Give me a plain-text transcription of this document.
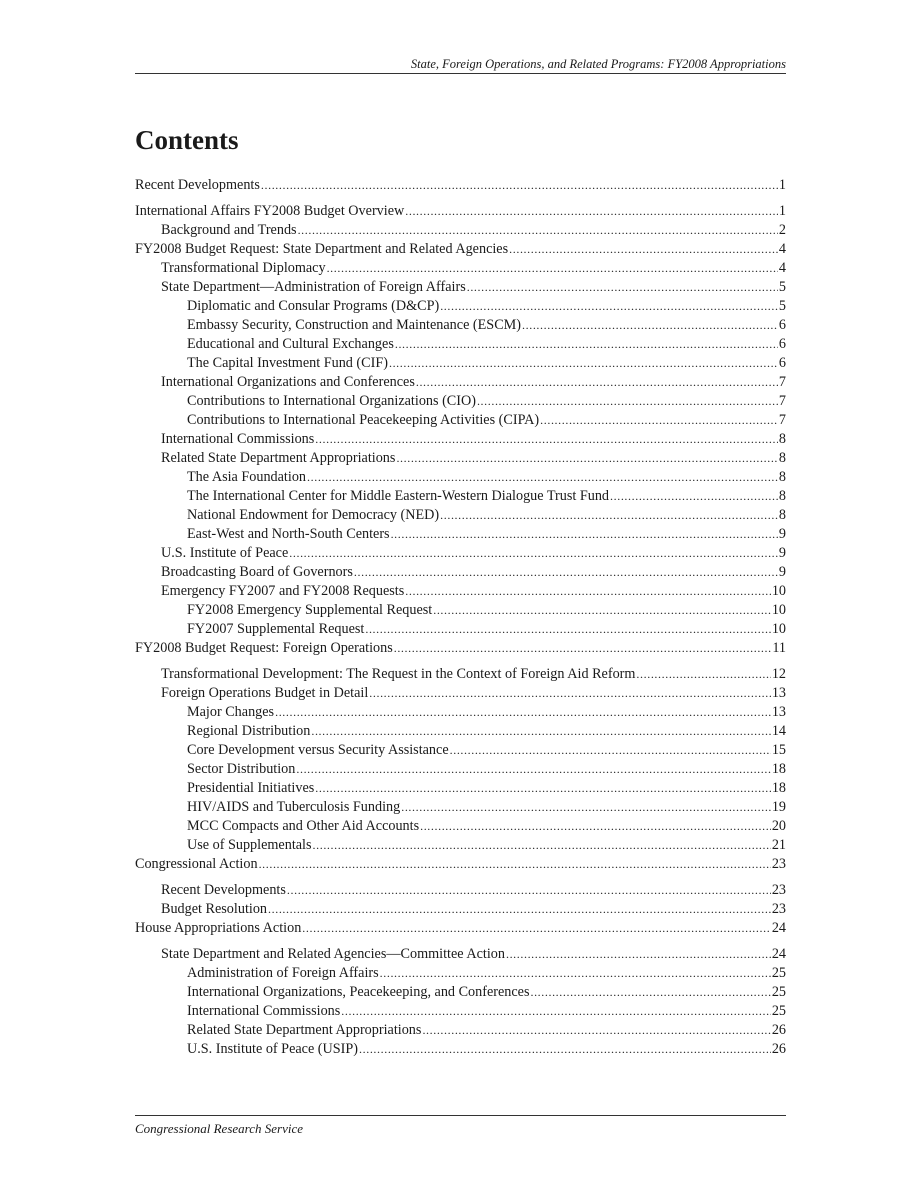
State, Foreign Operations, and Related Programs: FY2008 Appropriations
Contents
Recent Developments .....	1
International Affairs FY2008 Budget Overview .....	1
Background and Trends .....	2
FY2008 Budget Request: State Department and Related Agencies .....	4
Transformational Diplomacy .....	4
State Department—Administration of Foreign Affairs .....	5
Diplomatic and Consular Programs (D&CP) .....	5
Embassy Security, Construction and Maintenance (ESCM) .....	6
Educational and Cultural Exchanges .....	6
The Capital Investment Fund (CIF) .....	6
International Organizations and Conferences .....	7
Contributions to International Organizations (CIO) .....	7
Contributions to International Peacekeeping Activities (CIPA) .....	7
International Commissions .....	8
Related State Department Appropriations .....	8
The Asia Foundation .....	8
The International Center for Middle Eastern-Western Dialogue Trust Fund .....	8
National Endowment for Democracy (NED) .....	8
East-West and North-South Centers .....	9
U.S. Institute of Peace .....	9
Broadcasting Board of Governors .....	9
Emergency FY2007 and FY2008 Requests .....	10
FY2008 Emergency Supplemental Request .....	10
FY2007 Supplemental Request .....	10
FY2008 Budget Request: Foreign Operations .....	11
Transformational Development: The Request in the Context of Foreign Aid Reform .....	12
Foreign Operations Budget in Detail .....	13
Major Changes .....	13
Regional Distribution .....	14
Core Development versus Security Assistance .....	15
Sector Distribution .....	18
Presidential Initiatives .....	18
HIV/AIDS and Tuberculosis Funding .....	19
MCC Compacts and Other Aid Accounts .....	20
Use of Supplementals .....	21
Congressional Action .....	23
Recent Developments .....	23
Budget Resolution .....	23
House Appropriations Action .....	24
State Department and Related Agencies—Committee Action .....	24
Administration of Foreign Affairs .....	25
International Organizations, Peacekeeping, and Conferences .....	25
International Commissions .....	25
Related State Department Appropriations .....	26
U.S. Institute of Peace (USIP) .....	26
Congressional Research Service
